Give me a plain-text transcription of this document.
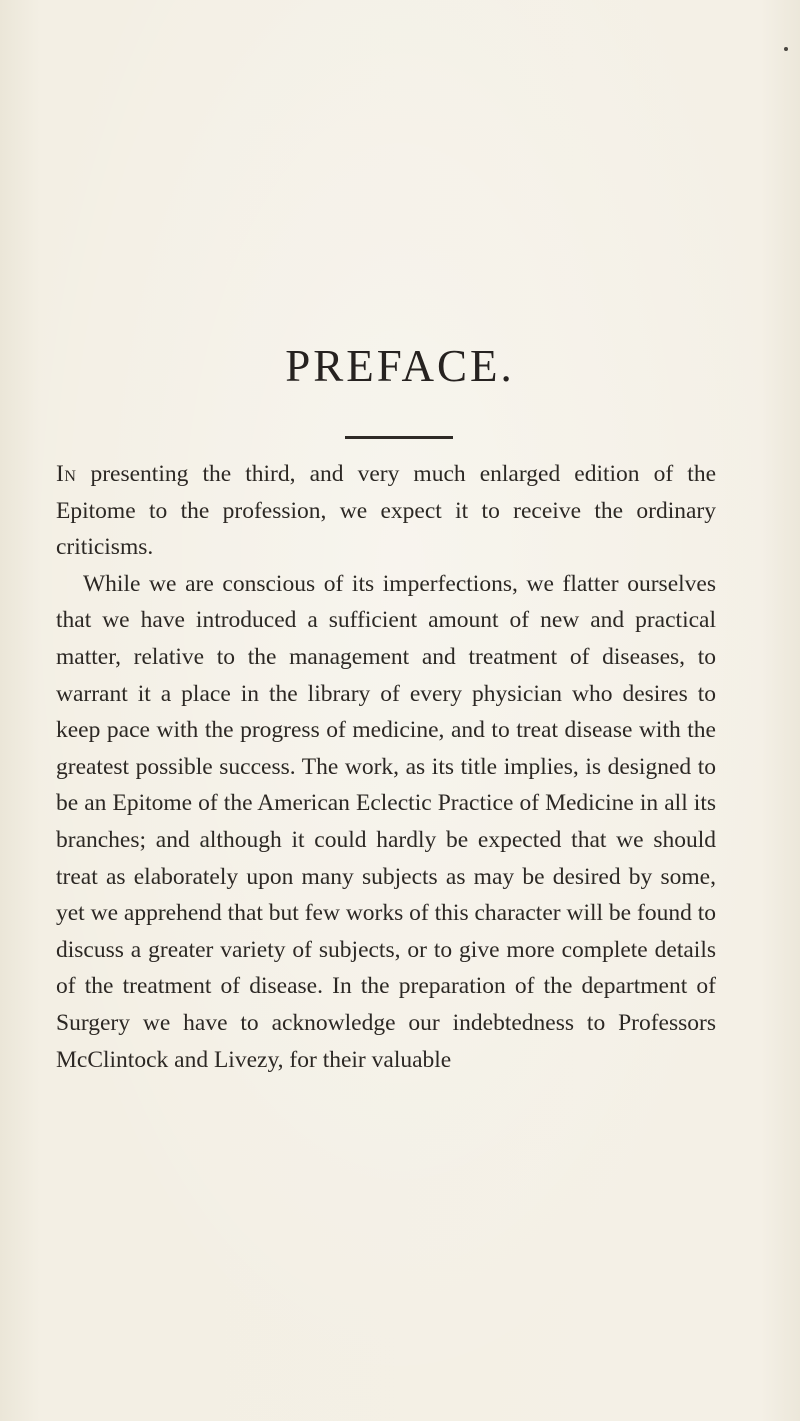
PREFACE.

In presenting the third, and very much enlarged edition of the Epitome to the profession, we expect it to receive the ordinary criticisms.

While we are conscious of its imperfections, we flatter ourselves that we have introduced a sufficient amount of new and practical matter, relative to the management and treatment of diseases, to warrant it a place in the library of every physician who desires to keep pace with the progress of medicine, and to treat disease with the greatest possible success. The work, as its title implies, is designed to be an Epitome of the American Eclectic Practice of Medicine in all its branches; and although it could hardly be expected that we should treat as elaborately upon many subjects as may be desired by some, yet we apprehend that but few works of this character will be found to discuss a greater variety of subjects, or to give more complete details of the treatment of disease. In the preparation of the department of Surgery we have to acknowledge our indebtedness to Professors McClintock and Livezy, for their valuable
